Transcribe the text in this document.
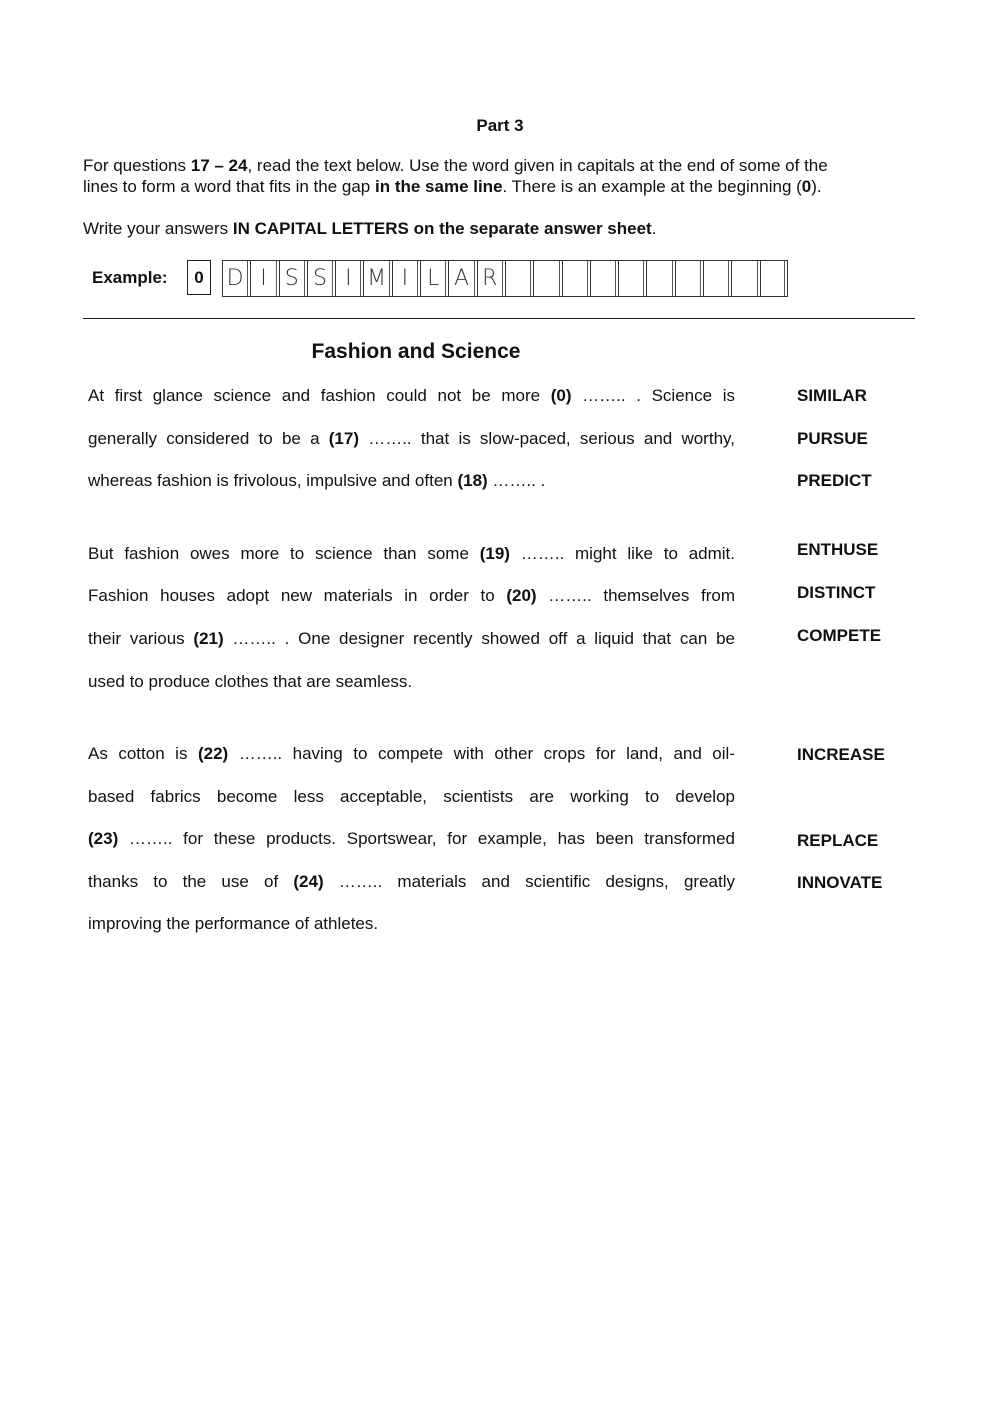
Part 3
For questions 17 – 24, read the text below. Use the word given in capitals at the end of some of the
lines to form a word that fits in the gap in the same line. There is an example at the beginning (0).
Write your answers IN CAPITAL LETTERS on the separate answer sheet.
Example:	0	D I S S I M I L A R
Fashion and Science
At first glance science and fashion could not be more (0) …….. . Science is
generally considered to be a (17) …….. that is slow-paced, serious and worthy,
whereas fashion is frivolous, impulsive and often (18) …….. .
But fashion owes more to science than some (19) …….. might like to admit.
Fashion houses adopt new materials in order to (20) …….. themselves from
their various (21) …….. . One designer recently showed off a liquid that can be
used to produce clothes that are seamless.
As cotton is (22) …….. having to compete with other crops for land, and oil-
based fabrics become less acceptable, scientists are working to develop
(23) …….. for these products. Sportswear, for example, has been transformed
thanks to the use of (24) …….. materials and scientific designs, greatly
improving the performance of athletes.
SIMILAR
PURSUE
PREDICT
ENTHUSE
DISTINCT
COMPETE
INCREASE
REPLACE
INNOVATE
